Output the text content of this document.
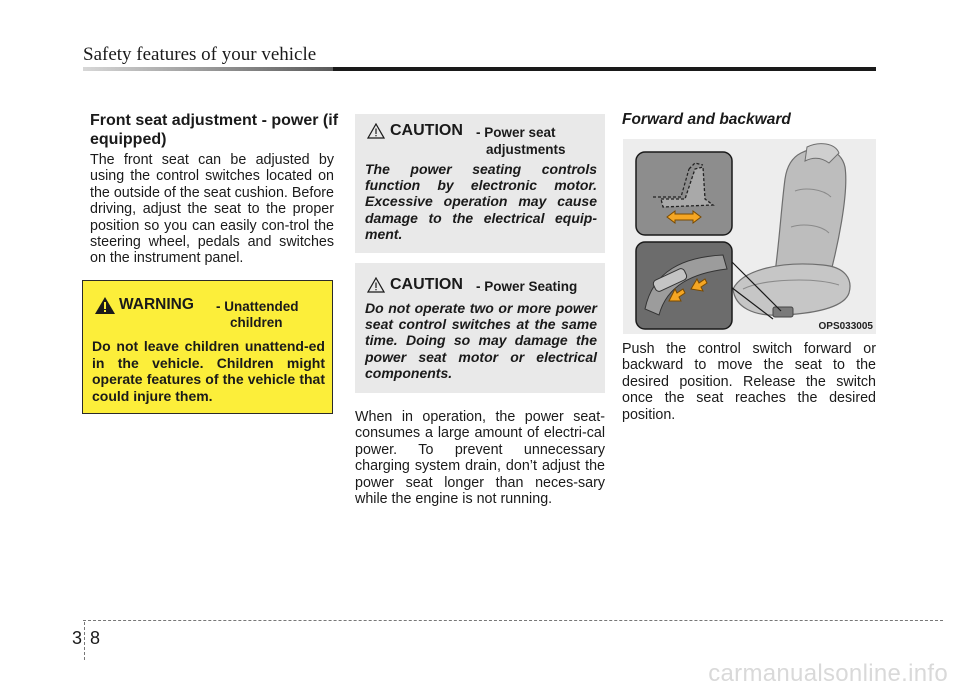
Safety features of your vehicle
Front seat adjustment - power (if equipped)
The front seat can be adjusted by using the control switches located on the outside of the seat cushion. Before driving, adjust the seat to the proper position so you can easily con-trol the steering wheel, pedals and switches on the instrument panel.
WARNING - Unattended
children
Do not leave children unattend-ed in the vehicle. Children might operate features of the vehicle that could injure them.
CAUTION - Power seat
adjustments
The power seating controls function by electronic motor. Excessive operation may cause damage to the electrical equip-ment.
CAUTION - Power Seating
Do not operate two or more power seat control switches at the same time. Doing so may damage the power seat motor or electrical components.
When in operation, the power seat-consumes a large amount of electri-cal power. To prevent unnecessary charging system drain, don’t adjust the power seat longer than neces-sary while the engine is not running.
Forward and backward
OPS033005
Push the control switch forward or backward to move the seat to the desired position. Release the switch once the seat reaches the desired position.
3 8
carmanualsonline.info
